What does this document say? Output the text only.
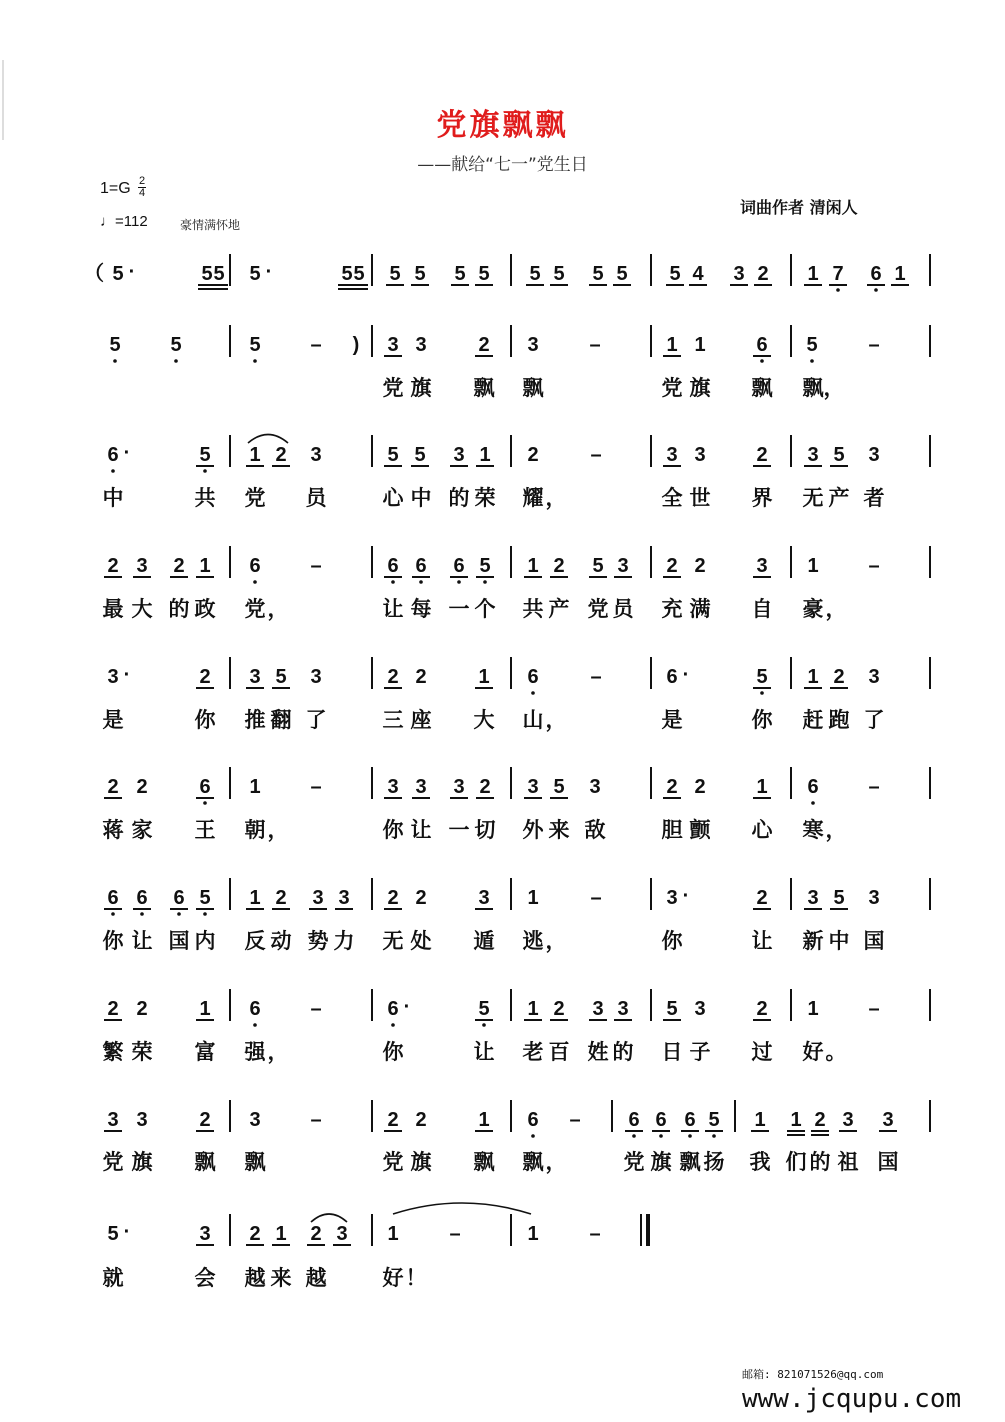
党旗飘飘
——献给“七一”党生日
1=G 2
4
♩=112	豪情满怀地
词曲作者 清闲人
（ 5 ·	5 5 5 ·	5 5 5 5 5 5 5 5 5 5 5 4 3 2 1 7 6 1
5 5	5 – ) 3 3	2 3	–	1 1	6 5	–
6 ·	5 1 2 3	5 5 3 1 2	–	3 3	2 3 5 3
2 3 2 1 6 –	6 6 6 5 1 2 5 3 2 2	3 1 –
3 ·	2 3 5 3	2 2	1 6	–	6 ·	5 1 2 3
2 2	6 1 –	3 3 3 2 3 5 3	2 2	1 6 –
6 6 6 5 1 2 3 3 2 2	3 1	–	3 ·	2 3 5 3
2 2	1 6 –	6 ·	5 1 2 3 3 5 3	2 1 –
3 3	2 3 –	2 2	1 6 – 6 6 6 5 1 1 2 3 3
5 ·	3 2 1 2 3 1	–	1	–
党 旗 飘 飘	党 旗 飘 飘 ，
中	共 党 员	心 中 的 荣 耀 ，	全 世 界 无 产 者
最 大 的 政 党 ，	让 每 一 个 共 产 党 员 充 满 自 豪 ，
是	你 推 翻 了	三 座 大 山 ，	是	你 赶 跑 了
蒋 家 王 朝 ，	你 让 一 切 外 来 敌	胆 颤 心 寒 ，
你 让 国 内 反 动 势 力 无 处 遁 逃 ，	你	让 新 中 国
繁 荣 富 强 ，	你	让 老 百 姓 的 日 子 过 好 。
党 旗 飘 飘	党 旗 飘 飘 ，	党 旗 飘 扬 我 们 的 祖 国
就	会 越 来 越	好 ！
邮箱: 821071526@qq.com
www.jcqupu.com
